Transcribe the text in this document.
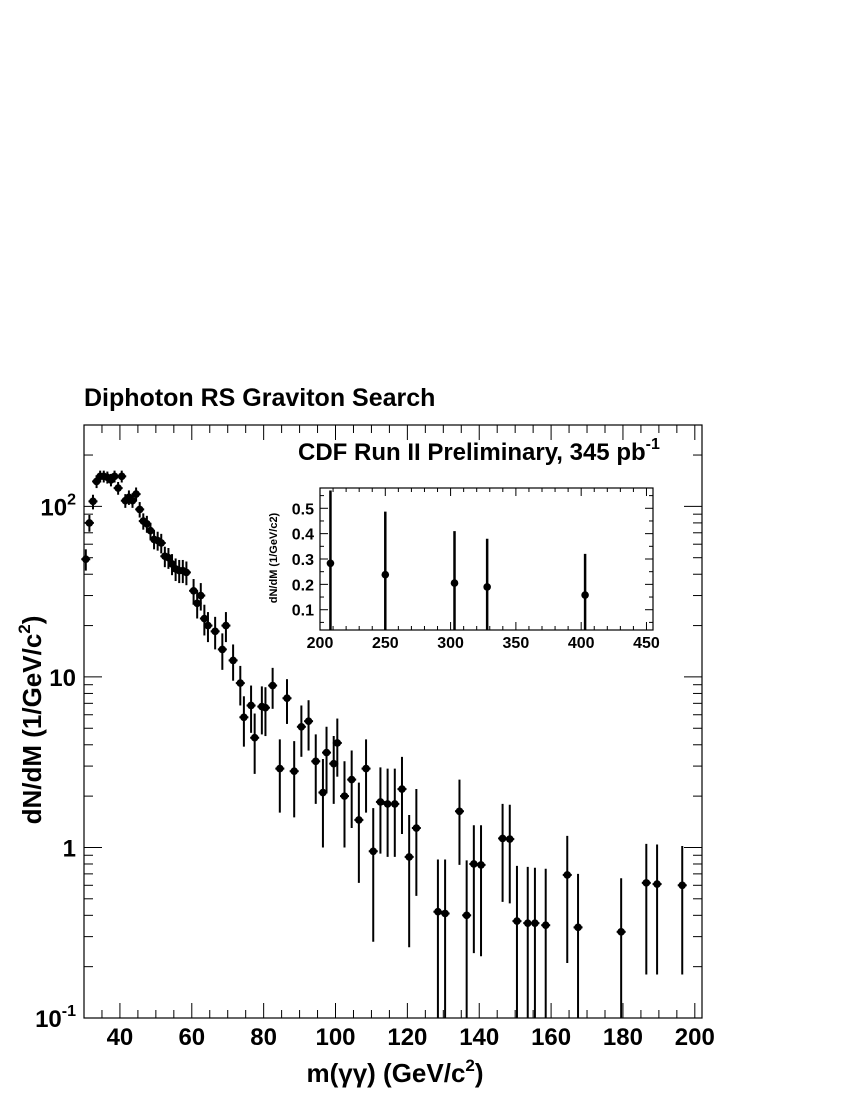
Diphoton RS Graviton Search
40 60 80 100 120 140 160 180 200
$10^{-1}$
1
10
$10^2$
CDF Run II Preliminary, 345 $pb^{-1}$
200 250 300 350 400 450
0.1
0.2
0.3
0.4
0.5
dN/dM (1/GeV/c2)
dN/dM $(1/GeV/c^2)$
m(γγ) $(GeV/c^2)$
